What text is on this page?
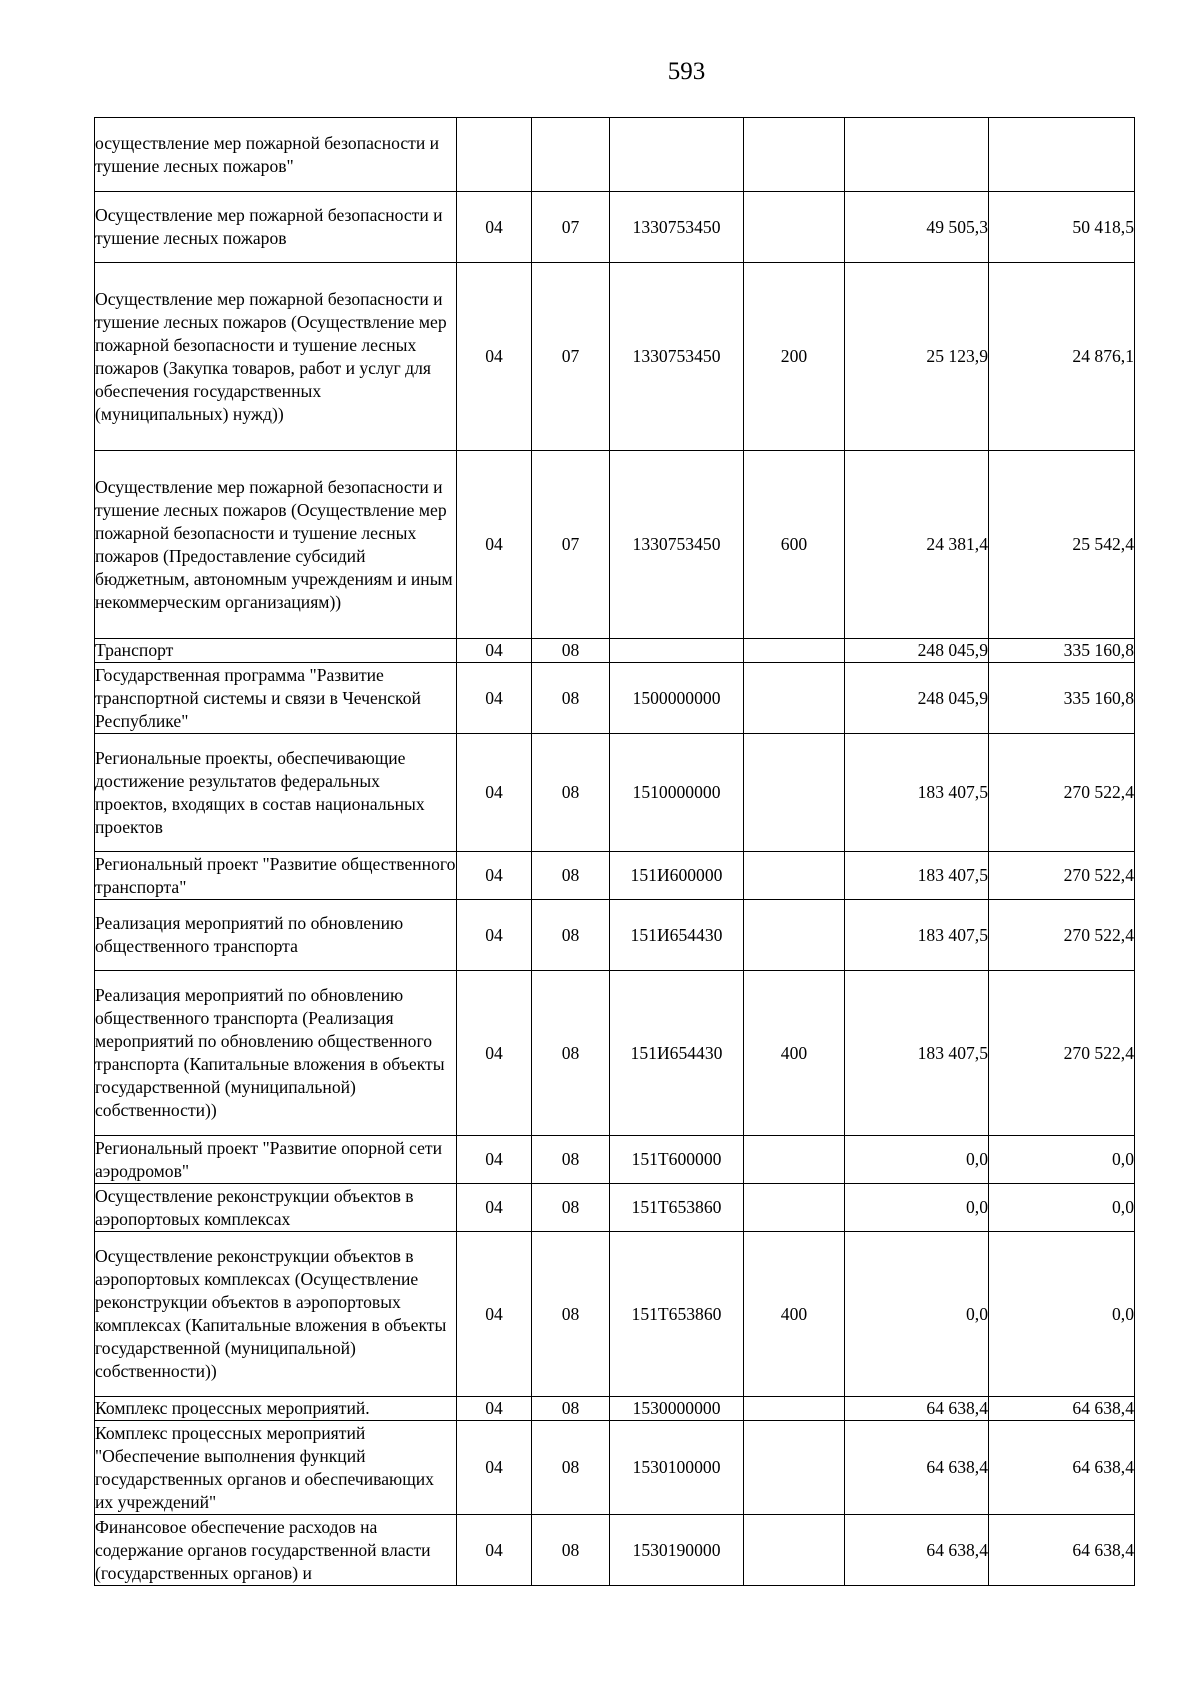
593
осуществление мер пожарной безопасности и тушение лесных пожаров"						
Осуществление мер пожарной безопасности и тушение лесных пожаров	04	07	1330753450		49 505,3	50 418,5
Осуществление мер пожарной безопасности и тушение лесных пожаров (Осуществление мер пожарной безопасности и тушение лесных пожаров (Закупка товаров, работ и услуг для обеспечения государственных (муниципальных) нужд))	04	07	1330753450	200	25 123,9	24 876,1
Осуществление мер пожарной безопасности и тушение лесных пожаров (Осуществление мер пожарной безопасности и тушение лесных пожаров (Предоставление субсидий бюджетным, автономным учреждениям и иным некоммерческим организациям))	04	07	1330753450	600	24 381,4	25 542,4
Транспорт	04	08			248 045,9	335 160,8
Государственная программа "Развитие транспортной системы и связи в Чеченской Республике"	04	08	1500000000		248 045,9	335 160,8
Региональные проекты, обеспечивающие достижение результатов федеральных проектов, входящих в состав национальных проектов	04	08	1510000000		183 407,5	270 522,4
Региональный проект "Развитие общественного транспорта"	04	08	151И600000		183 407,5	270 522,4
Реализация мероприятий по обновлению общественного транспорта	04	08	151И654430		183 407,5	270 522,4
Реализация мероприятий по обновлению общественного транспорта (Реализация мероприятий по обновлению общественного транспорта (Капитальные вложения в объекты государственной (муниципальной) собственности))	04	08	151И654430	400	183 407,5	270 522,4
Региональный проект "Развитие опорной сети аэродромов"	04	08	151Т600000		0,0	0,0
Осуществление реконструкции объектов в аэропортовых комплексах	04	08	151Т653860		0,0	0,0
Осуществление реконструкции объектов в аэропортовых комплексах (Осуществление реконструкции объектов в аэропортовых комплексах (Капитальные вложения в объекты государственной (муниципальной) собственности))	04	08	151Т653860	400	0,0	0,0
Комплекс процессных мероприятий.	04	08	1530000000		64 638,4	64 638,4
Комплекс процессных мероприятий "Обеспечение выполнения функций государственных органов и обеспечивающих их учреждений"	04	08	1530100000		64 638,4	64 638,4
Финансовое обеспечение расходов на содержание органов государственной власти (государственных органов) и	04	08	1530190000		64 638,4	64 638,4
